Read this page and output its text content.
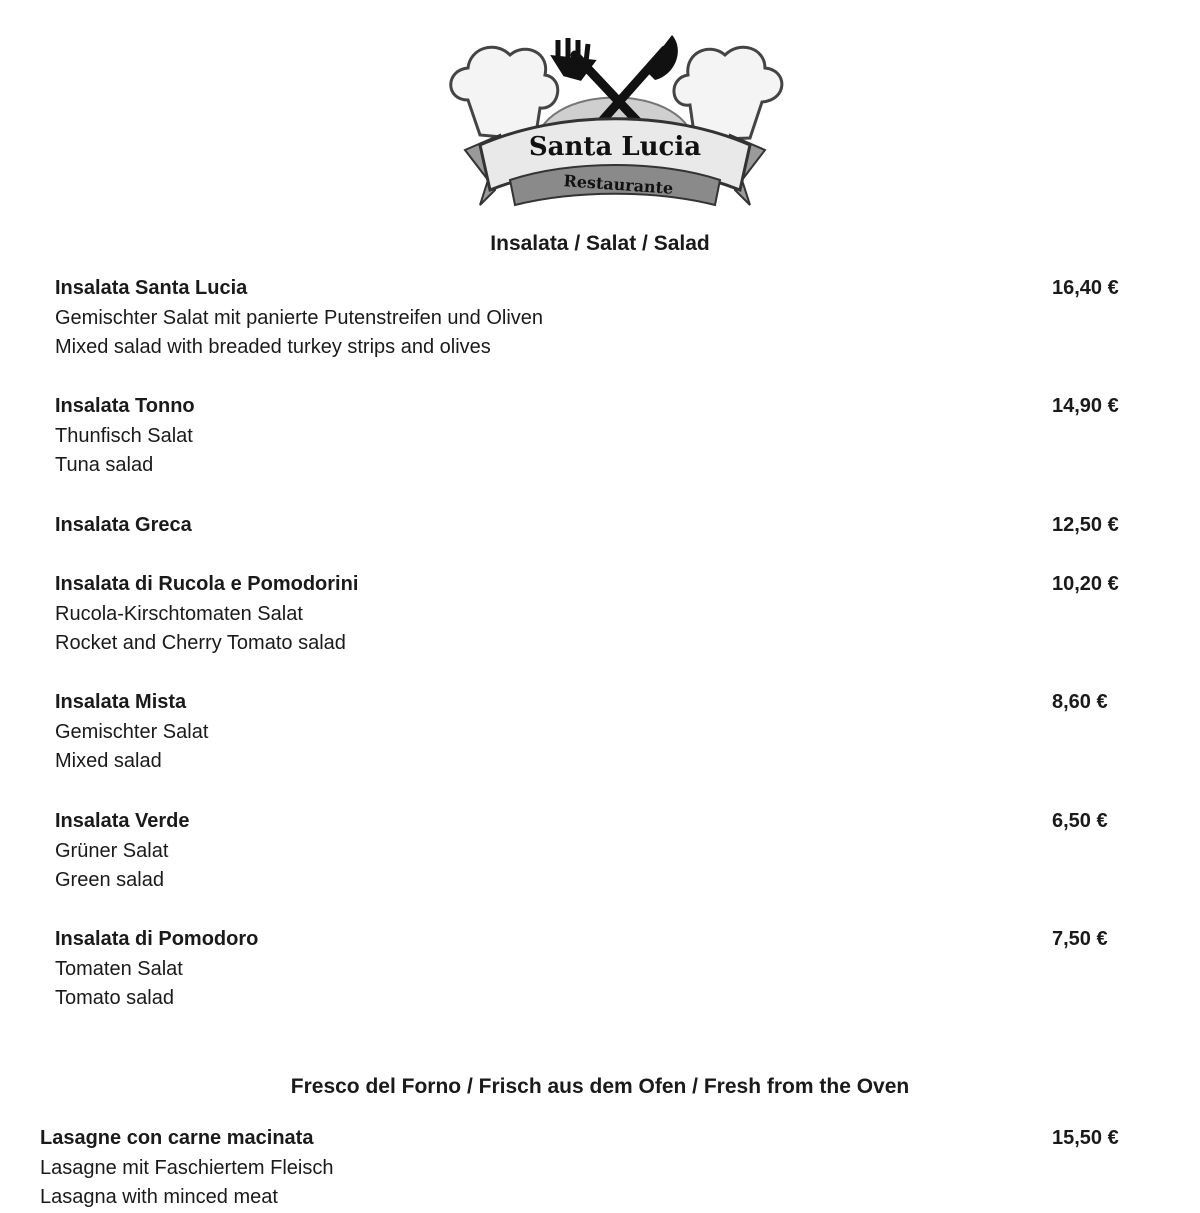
Santa Lucia
Restaurante
Insalata / Salat / Salad
Insalata Santa Lucia
Gemischter Salat mit panierte Putenstreifen und Oliven
Mixed salad with breaded turkey strips and olives
16,40 €
Insalata Tonno
Thunfisch Salat
Tuna salad
14,90 €
Insalata Greca	12,50 €
Insalata di Rucola e Pomodorini
Rucola-Kirschtomaten Salat
Rocket and Cherry Tomato salad
10,20 €
Insalata Mista
Gemischter Salat
Mixed salad
8,60 €
Insalata Verde
Grüner Salat
Green salad
6,50 €
Insalata di Pomodoro
Tomaten Salat
Tomato salad
7,50 €
Fresco del Forno / Frisch aus dem Ofen / Fresh from the Oven
Lasagne con carne macinata
Lasagne mit Faschiertem Fleisch
Lasagna with minced meat
15,50 €
